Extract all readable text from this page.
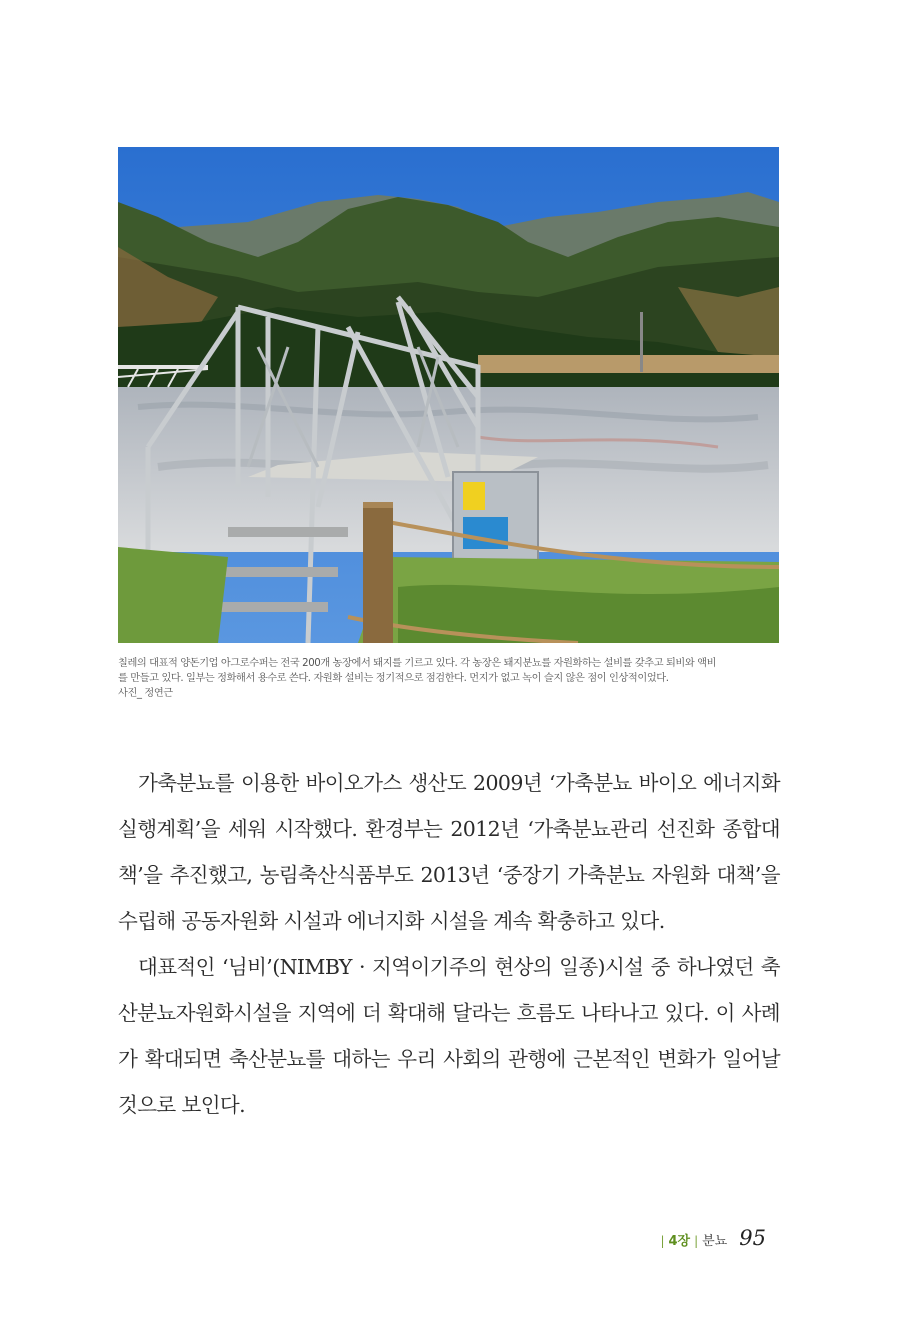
칠레의 대표적 양돈기업 아그로수퍼는 전국 200개 농장에서 돼지를 기르고 있다. 각 농장은 돼지분뇨를 자원화하는 설비를 갖추고 퇴비와 액비

를 만들고 있다. 일부는 정화해서 용수로 쓴다. 자원화 설비는 정기적으로 점검한다. 먼지가 없고 녹이 슬지 않은 점이 인상적이었다.

사진_ 정연근

가축분뇨를 이용한 바이오가스 생산도 2009년 ‘가축분뇨 바이오 에너지화 실행계획’을 세워 시작했다. 환경부는 2012년 ‘가축분뇨관리 선진화 종합대책’을 추진했고, 농림축산식품부도 2013년 ‘중장기 가축분뇨 자원화 대책’을 수립해 공동자원화 시설과 에너지화 시설을 계속 확충하고 있다.

대표적인 ‘님비’(NIMBY · 지역이기주의 현상의 일종)시설 중 하나였던 축산분뇨자원화시설을 지역에 더 확대해 달라는 흐름도 나타나고 있다. 이 사례가 확대되면 축산분뇨를 대하는 우리 사회의 관행에 근본적인 변화가 일어날 것으로 보인다.

| 4장 | 분뇨 95
